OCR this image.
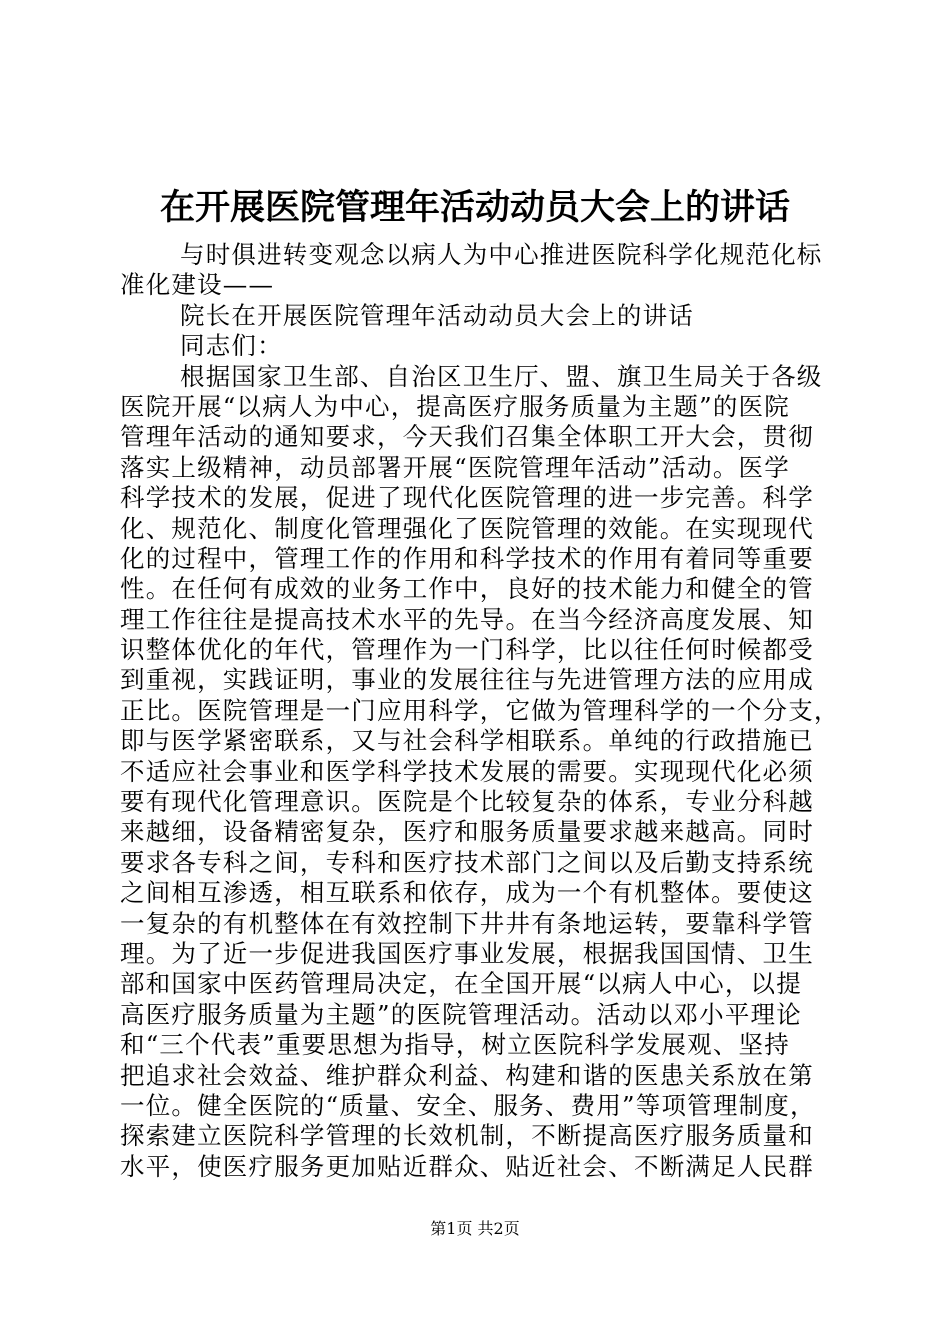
在开展医院管理年活动动员大会上的讲话
与时俱进转变观念以病人为中心推进医院科学化规范化标
准化建设——
院长在开展医院管理年活动动员大会上的讲话
同志们：
根据国家卫生部、自治区卫生厅、盟、旗卫生局关于各级
医院开展“以病人为中心，提高医疗服务质量为主题”的医院
管理年活动的通知要求，今天我们召集全体职工开大会，贯彻
落实上级精神，动员部署开展“医院管理年活动”活动。医学
科学技术的发展，促进了现代化医院管理的进一步完善。科学
化、规范化、制度化管理强化了医院管理的效能。在实现现代
化的过程中，管理工作的作用和科学技术的作用有着同等重要
性。在任何有成效的业务工作中，良好的技术能力和健全的管
理工作往往是提高技术水平的先导。在当今经济高度发展、知
识整体优化的年代，管理作为一门科学，比以往任何时候都受
到重视，实践证明，事业的发展往往与先进管理方法的应用成
正比。医院管理是一门应用科学，它做为管理科学的一个分支，
即与医学紧密联系，又与社会科学相联系。单纯的行政措施已
不适应社会事业和医学科学技术发展的需要。实现现代化必须
要有现代化管理意识。医院是个比较复杂的体系，专业分科越
来越细，设备精密复杂，医疗和服务质量要求越来越高。同时
要求各专科之间，专科和医疗技术部门之间以及后勤支持系统
之间相互渗透，相互联系和依存，成为一个有机整体。要使这
一复杂的有机整体在有效控制下井井有条地运转，要靠科学管
理。为了近一步促进我国医疗事业发展，根据我国国情、卫生
部和国家中医药管理局决定，在全国开展“以病人中心，以提
高医疗服务质量为主题”的医院管理活动。活动以邓小平理论
和“三个代表”重要思想为指导，树立医院科学发展观、坚持
把追求社会效益、维护群众利益、构建和谐的医患关系放在第
一位。健全医院的“质量、安全、服务、费用”等项管理制度，
探索建立医院科学管理的长效机制，不断提高医疗服务质量和
水平，使医疗服务更加贴近群众、贴近社会、不断满足人民群
第1页 共2页
